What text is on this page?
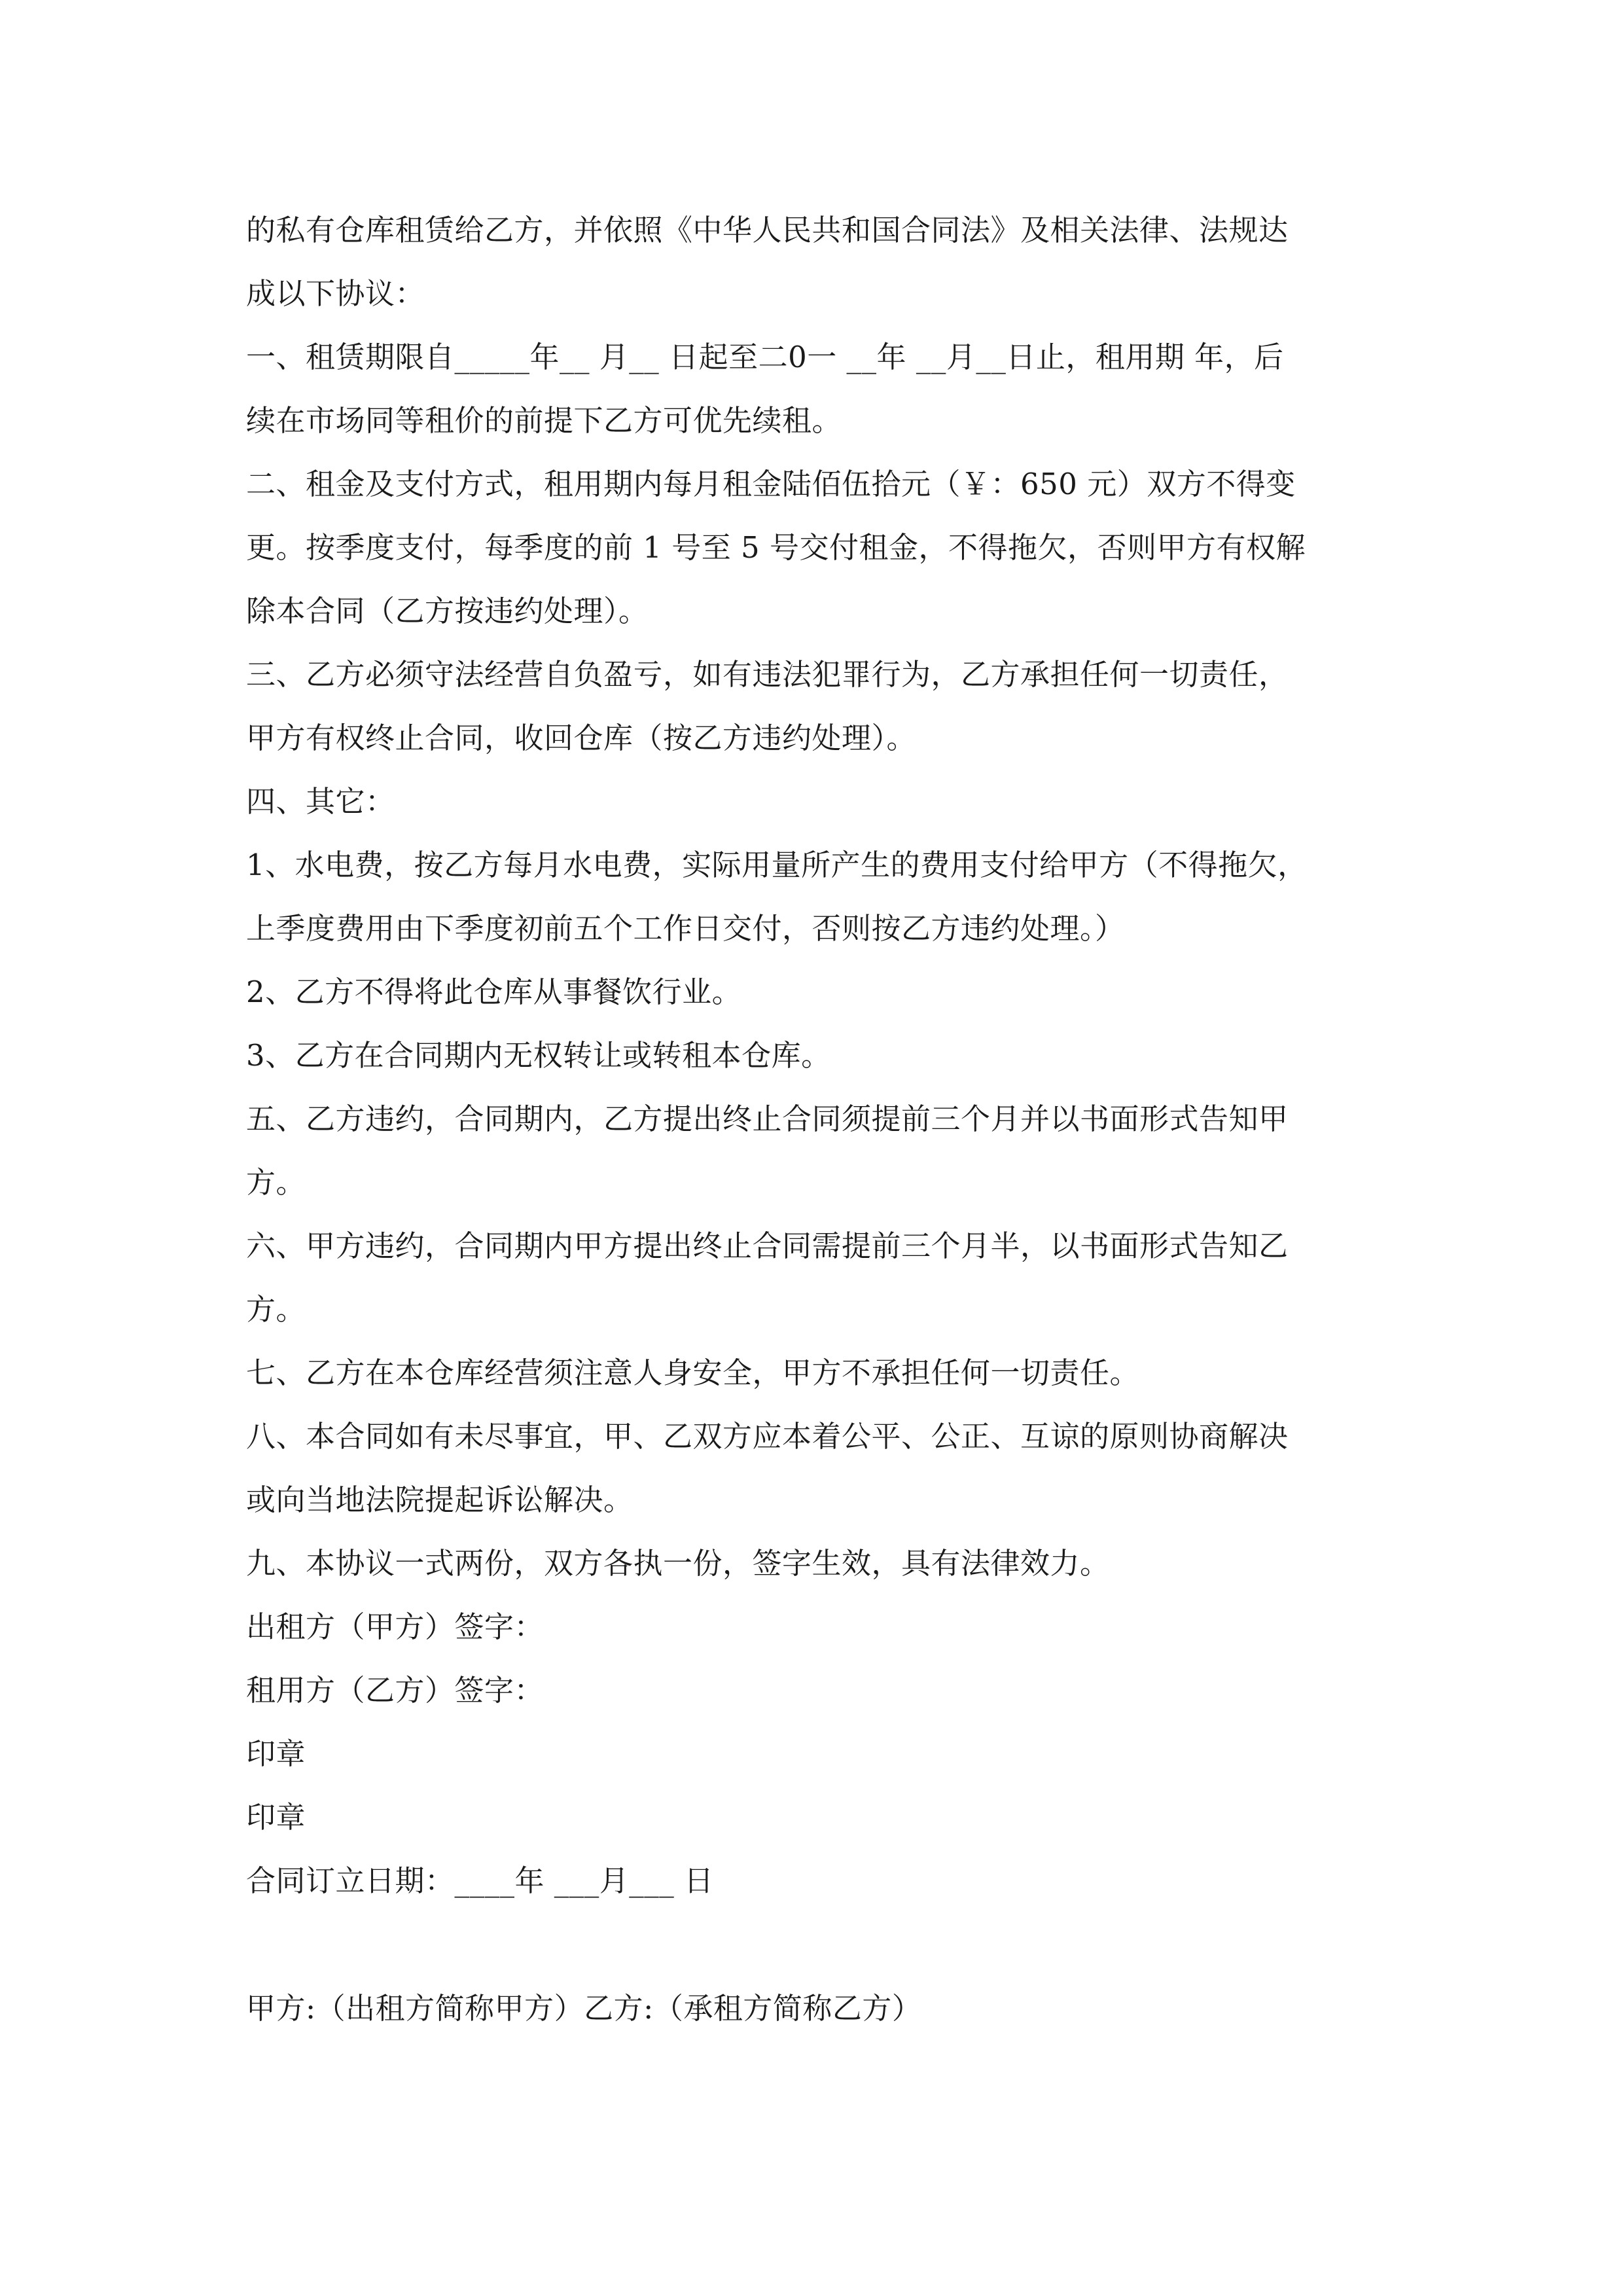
的私有仓库租赁给乙方，并依照《中华人民共和国合同法》及相关法律、法规达
成以下协议：
一、租赁期限自_____年__ 月__ 日起至二0一 __年 __月__日止，租用期 年，后
续在市场同等租价的前提下乙方可优先续租。
二、租金及支付方式，租用期内每月租金陆佰伍拾元（￥：650 元）双方不得变
更。按季度支付，每季度的前 1 号至 5 号交付租金，不得拖欠，否则甲方有权解
除本合同（乙方按违约处理）。
三、乙方必须守法经营自负盈亏，如有违法犯罪行为，乙方承担任何一切责任，
甲方有权终止合同，收回仓库（按乙方违约处理）。
四、其它：
1、水电费，按乙方每月水电费，实际用量所产生的费用支付给甲方（不得拖欠，
上季度费用由下季度初前五个工作日交付，否则按乙方违约处理。）
2、乙方不得将此仓库从事餐饮行业。
3、乙方在合同期内无权转让或转租本仓库。
五、乙方违约，合同期内，乙方提出终止合同须提前三个月并以书面形式告知甲
方。
六、甲方违约，合同期内甲方提出终止合同需提前三个月半，以书面形式告知乙
方。
七、乙方在本仓库经营须注意人身安全，甲方不承担任何一切责任。
八、本合同如有未尽事宜，甲、乙双方应本着公平、公正、互谅的原则协商解决
或向当地法院提起诉讼解决。
九、本协议一式两份，双方各执一份，签字生效，具有法律效力。
出租方（甲方）签字：
租用方（乙方）签字：
印章
印章
合同订立日期：____年 ___月___ 日
甲方:（出租方简称甲方）乙方:（承租方简称乙方）
